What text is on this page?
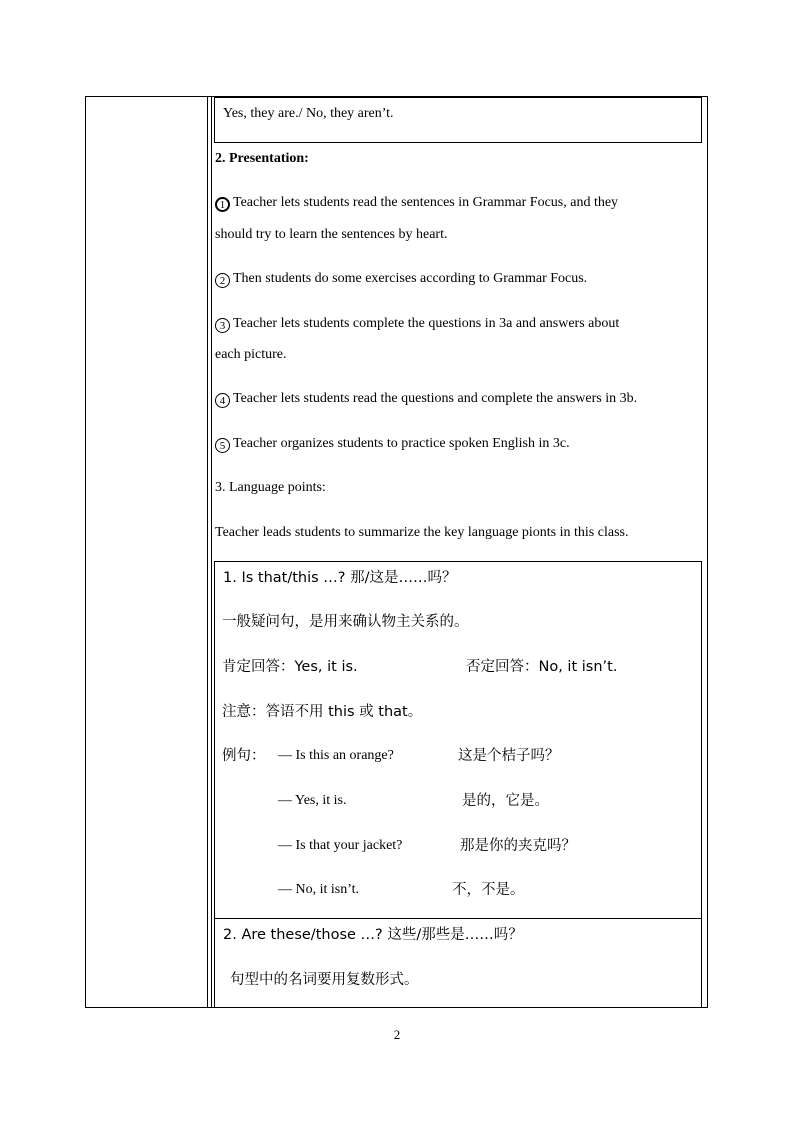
Yes, they are./ No, they aren’t.
2. Presentation:
1 Teacher lets students read the sentences in Grammar Focus, and they
should try to learn the sentences by heart.
2 Then students do some exercises according to Grammar Focus.
3 Teacher lets students complete the questions in 3a and answers about
each picture.
4 Teacher lets students read the questions and complete the answers in 3b.
5 Teacher organizes students to practice spoken English in 3c.
3. Language points:
Teacher leads students to summarize the key language pionts in this class.
1. Is that/this …? 那/这是……吗？
一般疑问句，是用来确认物主关系的。
肯定回答：Yes, it is.	否定回答：No, it isn’t.
注意：答语不用 this 或 that。
例句： — Is this an orange?	这是个桔子吗？
— Yes, it is.	是的，它是。
— Is that your jacket?	那是你的夹克吗？
— No, it isn’t.	不，不是。
2. Are these/those …? 这些/那些是……吗？
句型中的名词要用复数形式。
2
